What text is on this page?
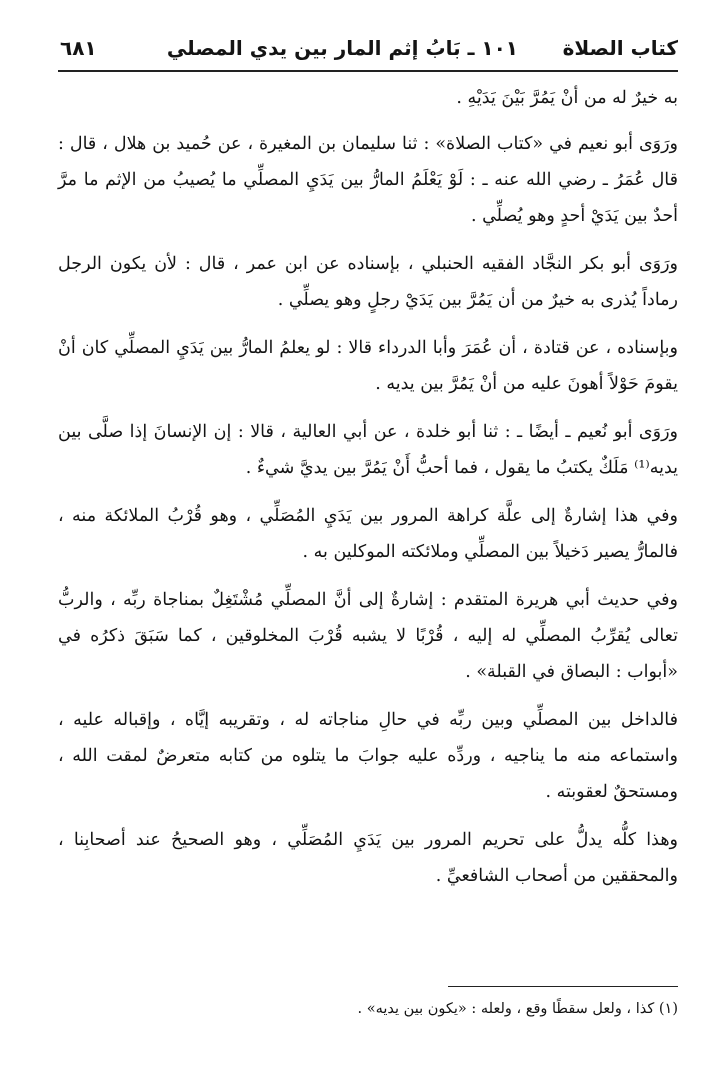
كتاب الصلاة
١٠١ ـ بَابُ إثم المار بين يدي المصلي
٦٨١

به خيرٌ له من أنْ يَمُرَّ بَيْنَ يَدَيْهِ .

ورَوَى أبو نعيم في «كتاب الصلاة» : ثنا سليمان بن المغيرة ، عن حُميد بن هلال ، قال : قال عُمَرُ ـ رضي الله عنه ـ : لَوْ يَعْلَمُ المارُّ بين يَدَيِ المصلِّي ما يُصيبُ من الإثم ما مرَّ أحدٌ بين يَدَيْ أحدٍ وهو يُصلِّي .

ورَوَى أبو بكر النجَّاد الفقيه الحنبلي ، بإسناده عن ابن عمر ، قال : لأن يكون الرجل رماداً يُذرى به خيرٌ من أن يَمُرَّ بين يَدَيْ رجلٍ وهو يصلِّي .

وبإسناده ، عن قتادة ، أن عُمَرَ وأبا الدرداء قالا : لو يعلمُ المارُّ بين يَدَيِ المصلِّي كان أنْ يقومَ حَوْلاً أهونَ عليه من أنْ يَمُرَّ بين يديه .

ورَوَى أبو نُعيم ـ أيضًا ـ : ثنا أبو خلدة ، عن أبي العالية ، قالا : إن الإنسانَ إذا صلَّى بين يديه⁽¹⁾ مَلَكٌ يكتبُ ما يقول ، فما أحبُّ أَنْ يَمُرَّ بين يديَّ شيءٌ .

وفي هذا إشارةٌ إلى علَّة كراهة المرور بين يَدَيِ المُصَلِّي ، وهو قُرْبُ الملائكة منه ، فالمارُّ يصير دَخيلاً بين المصلِّي وملائكته الموكلين به .

وفي حديث أبي هريرة المتقدم : إشارةٌ إلى أنَّ المصلِّي مُشْتَغِلٌ بمناجاة ربِّه ، والربُّ تعالى يُقرِّبُ المصلِّي له إليه ، قُرْبًا لا يشبه قُرْبَ المخلوقين ، كما سَبَقَ ذكرُه في «أبواب : البصاق في القبلة» .

فالداخل بين المصلِّي وبين ربِّه في حالِ مناجاته له ، وتقريبه إيَّاه ، وإقباله عليه ، واستماعه منه ما يناجيه ، وردِّه عليه جوابَ ما يتلوه من كتابه متعرضٌ لمقت الله ، ومستحقٌ لعقوبته .

وهذا كلُّه يدلُّ على تحريم المرور بين يَدَيِ المُصَلِّي ، وهو الصحيحُ عند أصحابِنا ، والمحققين من أصحاب الشافعيِّ .

(١) كذا ، ولعل سقطًا وقع ، ولعله : «يكون بين يديه» .
